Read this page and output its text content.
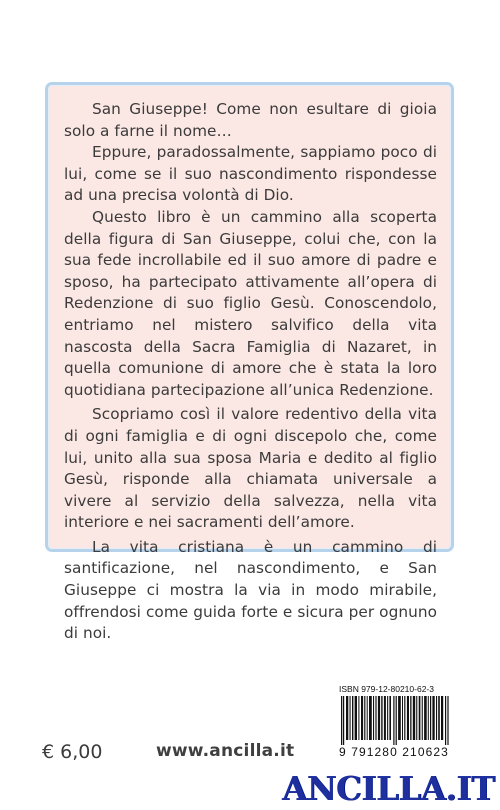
San Giuseppe! Come non esultare di gioia solo a farne il nome…

Eppure, paradossalmente, sappiamo poco di lui, come se il suo nascondimento rispondesse ad una precisa volontà di Dio.

Questo libro è un cammino alla scoperta della figura di San Giuseppe, colui che, con la sua fede incrollabile ed il suo amore di padre e sposo, ha partecipato attivamente all’opera di Redenzione di suo figlio Gesù. Conoscendolo, entriamo nel mistero salvifico della vita nascosta della Sacra Famiglia di Nazaret, in quella comunione di amore che è stata la loro quotidiana partecipazione all’unica Redenzione.

Scopriamo così il valore redentivo della vita di ogni famiglia e di ogni discepolo che, come lui, unito alla sua sposa Maria e dedito al figlio Gesù, risponde alla chiamata universale a vivere al servizio della salvezza, nella vita interiore e nei sacramenti dell’amore.

La vita cristiana è un cammino di santificazione, nel nascondimento, e San Giuseppe ci mostra la via in modo mirabile, offrendosi come guida forte e sicura per ognuno di noi.

ISBN 979-12-80210-62-3
9 791280 210623
€ 6,00	www.ancilla.it
ANCILLA.IT
